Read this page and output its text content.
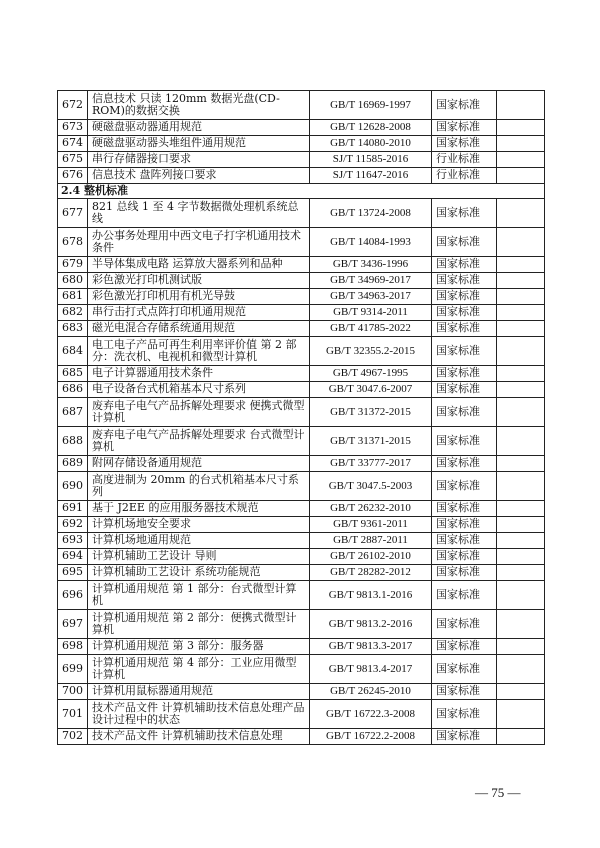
672	信息技术 只读 120mm 数据光盘(CD-ROM)的数据交换	GB/T 16969-1997	国家标准	
673	硬磁盘驱动器通用规范	GB/T 12628-2008	国家标准	
674	硬磁盘驱动器头堆组件通用规范	GB/T 14080-2010	国家标准	
675	串行存储器接口要求	SJ/T 11585-2016	行业标准	
676	信息技术 盘阵列接口要求	SJ/T 11647-2016	行业标准	
2.4 整机标准				
677	821 总线 1 至 4 字节数据微处理机系统总线	GB/T 13724-2008	国家标准	
678	办公事务处理用中西文电子打字机通用技术条件	GB/T 14084-1993	国家标准	
679	半导体集成电路 运算放大器系列和品种	GB/T 3436-1996	国家标准	
680	彩色激光打印机测试版	GB/T 34969-2017	国家标准	
681	彩色激光打印机用有机光导鼓	GB/T 34963-2017	国家标准	
682	串行击打式点阵打印机通用规范	GB/T 9314-2011	国家标准	
683	磁光电混合存储系统通用规范	GB/T 41785-2022	国家标准	
684	电工电子产品可再生利用率评价值 第 2 部分：洗衣机、电视机和微型计算机	GB/T 32355.2-2015	国家标准	
685	电子计算器通用技术条件	GB/T 4967-1995	国家标准	
686	电子设备台式机箱基本尺寸系列	GB/T 3047.6-2007	国家标准	
687	废弃电子电气产品拆解处理要求 便携式微型计算机	GB/T 31372-2015	国家标准	
688	废弃电子电气产品拆解处理要求 台式微型计算机	GB/T 31371-2015	国家标准	
689	附网存储设备通用规范	GB/T 33777-2017	国家标准	
690	高度进制为 20mm 的台式机箱基本尺寸系列	GB/T 3047.5-2003	国家标准	
691	基于 J2EE 的应用服务器技术规范	GB/T 26232-2010	国家标准	
692	计算机场地安全要求	GB/T 9361-2011	国家标准	
693	计算机场地通用规范	GB/T 2887-2011	国家标准	
694	计算机辅助工艺设计 导则	GB/T 26102-2010	国家标准	
695	计算机辅助工艺设计 系统功能规范	GB/T 28282-2012	国家标准	
696	计算机通用规范 第 1 部分：台式微型计算机	GB/T 9813.1-2016	国家标准	
697	计算机通用规范 第 2 部分：便携式微型计算机	GB/T 9813.2-2016	国家标准	
698	计算机通用规范 第 3 部分：服务器	GB/T 9813.3-2017	国家标准	
699	计算机通用规范 第 4 部分：工业应用微型计算机	GB/T 9813.4-2017	国家标准	
700	计算机用鼠标器通用规范	GB/T 26245-2010	国家标准	
701	技术产品文件 计算机辅助技术信息处理产品设计过程中的状态	GB/T 16722.3-2008	国家标准	
702	技术产品文件 计算机辅助技术信息处理	GB/T 16722.2-2008	国家标准	
— 75 —
